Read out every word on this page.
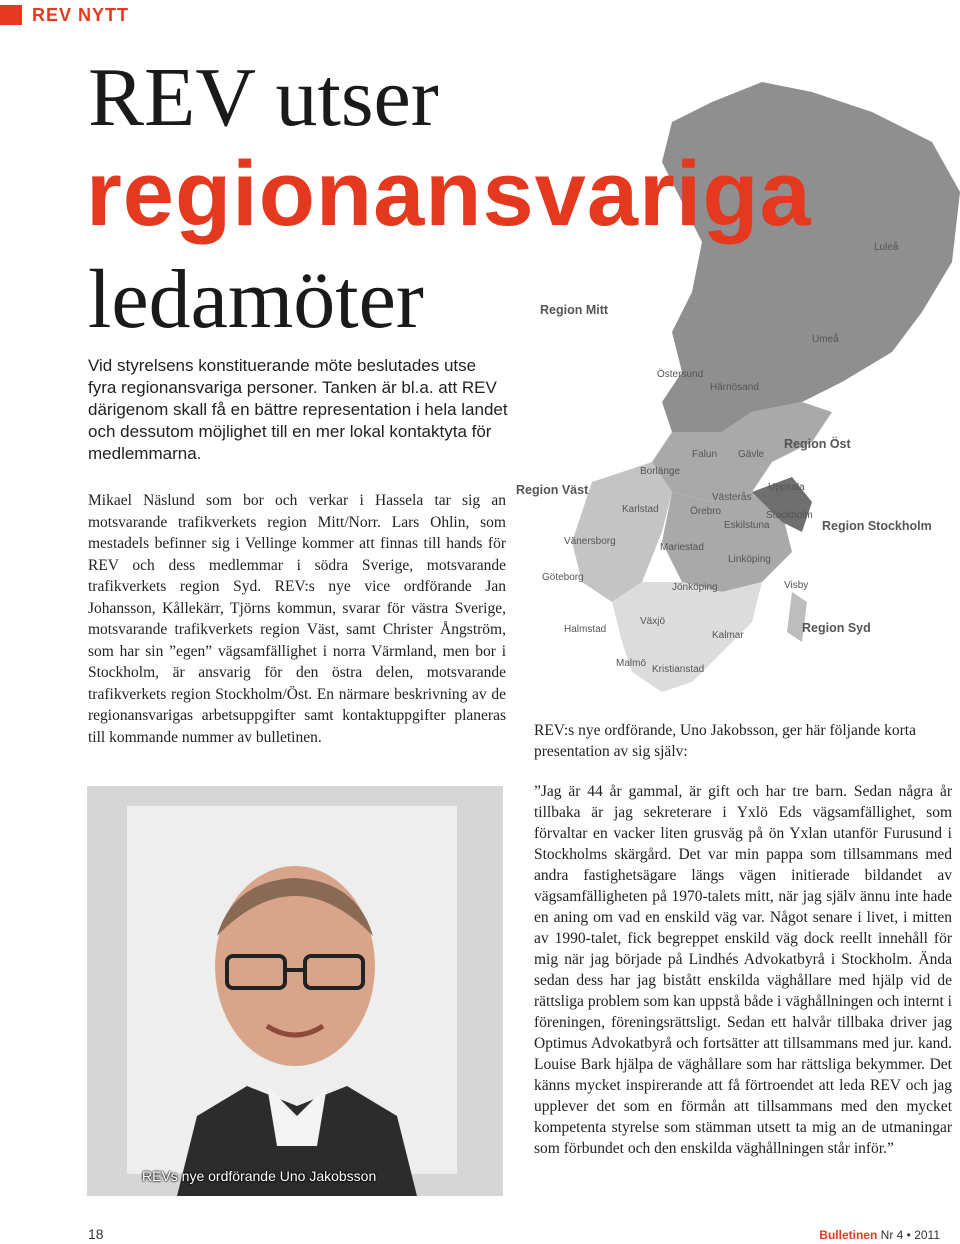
REV NYTT
Region Mitt
Region Öst
Region Väst
Region Stockholm
Region Syd
Luleå
Umeå
Östersund
Härnösand
Falun Gävle
Borlänge
Uppsala
Karlstad
Västerås
Örebro	Stockholm
Eskilstuna
Vänersborg
Mariestad
Linköping
Göteborg
Jönköping	Visby
Halmstad
Växjö
Kalmar
Malmö
Kristianstad
REV utser
regionansvariga
ledamöter
Vid styrelsens konstituerande möte beslutades utse fyra regionansvariga personer. Tanken är bl.a. att REV därigenom skall få en bättre representation i hela landet och dessutom möjlighet till en mer lokal kontaktyta för medlemmarna.
Mikael Näslund som bor och verkar i Hassela tar sig an motsvarande trafikverkets region Mitt/Norr. Lars Ohlin, som mestadels befinner sig i Vellinge kommer att finnas till hands för REV och dess medlemmar i södra Sverige, motsvarande trafikverkets region Syd. REV:s nye vice ordförande Jan Johansson, Kållekärr, Tjörns kommun, svarar för västra Sverige, motsvarande trafikverkets region Väst, samt Christer Ångström, som har sin ”egen” vägsamfällighet i norra Värmland, men bor i Stockholm, är ansvarig för den östra delen, motsvarande trafikverkets region Stockholm/Öst. En närmare beskrivning av de regionansvarigas arbetsuppgifter samt kontaktuppgifter planeras till kommande nummer av bulletinen.
REVs nye ordförande Uno Jakobsson
REV:s nye ordförande, Uno Jakobsson, ger här följande korta presentation av sig själv:
”Jag är 44 år gammal, är gift och har tre barn. Sedan några år tillbaka är jag sekreterare i Yxlö Eds vägsamfällighet, som förvaltar en vacker liten grusväg på ön Yxlan utanför Furusund i Stockholms skärgård. Det var min pappa som tillsammans med andra fastighetsägare längs vägen initierade bildandet av vägsamfälligheten på 1970-talets mitt, när jag själv ännu inte hade en aning om vad en enskild väg var. Något senare i livet, i mitten av 1990-talet, fick begreppet enskild väg dock reellt innehåll för mig när jag började på Lindhés Advokatbyrå i Stockholm. Ända sedan dess har jag bistått enskilda väghållare med hjälp vid de rättsliga problem som kan uppstå både i väghållningen och internt i föreningen, föreningsrättsligt. Sedan ett halvår tillbaka driver jag Optimus Advokatbyrå och fortsätter att tillsammans med jur. kand. Louise Bark hjälpa de väghållare som har rättsliga bekymmer. Det känns mycket inspirerande att få förtroendet att leda REV och jag upplever det som en förmån att tillsammans med den mycket kompetenta styrelse som stämman utsett ta mig an de utmaningar som förbundet och den enskilda väghållningen står inför.”
18	Bulletinen Nr 4 • 2011
